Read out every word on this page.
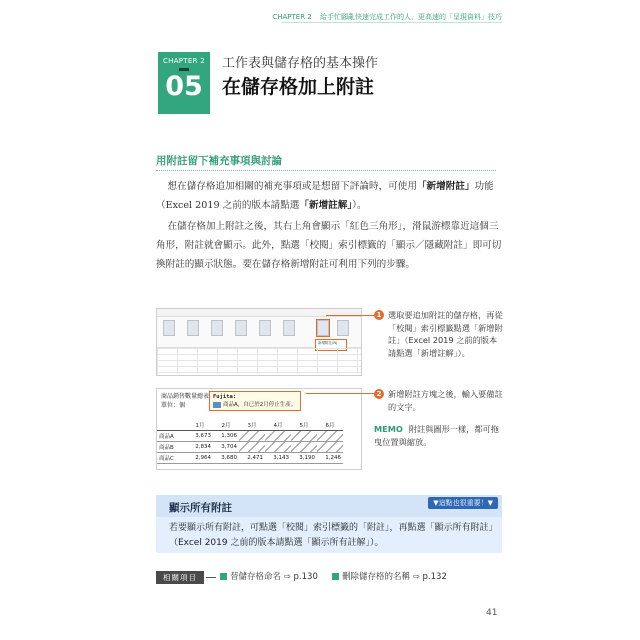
CHAPTER 2 給手忙腳亂快速完成工作的人，更高速的「呈現資料」技巧
CHAPTER 2
05
工作表與儲存格的基本操作
在儲存格加上附註
用附註留下補充事項與討論
想在儲存格追加相關的補充事項或是想留下評論時，可使用「新增附註」功能（Excel 2019 之前的版本請點選「新增註解」）。
在儲存格加上附註之後，其右上角會顯示「紅色三角形」，滑鼠游標靠近這個三角形，附註就會顯示。此外，點選「校閱」索引標籤的「顯示／隱藏附註」即可切換附註的顯示狀態。要在儲存格新增附註可利用下列的步驟。

新增附註(N)
商品銷售數量總表
單位：個
Fujita:
商品A，自已於2月停止生產。
	1月	2月	3月	4月	5月	6月
商品A	3,673	1,306				
商品B	2,834	3,704				
商品C	2,964	3,680	2,471	3,143	3,190	1,246
1 選取要追加附註的儲存格，再從「校閱」索引標籤點選「新增附註」（Excel 2019 之前的版本請點選「新增註解」）。
2 新增附註方塊之後，輸入要備註的文字。
MEMO 附註與圖形一樣，都可拖曳位置與縮放。
顯示所有附註	▼這點也很重要！▼
若要顯示所有附註，可點選「校閱」索引標籤的「附註」，再點選「顯示所有附註」（Excel 2019 之前的版本請點選「顯示所有註解」）。
相關項目	替儲存格命名 ⇨ p.130	刪除儲存格的名稱 ⇨ p.132
41
